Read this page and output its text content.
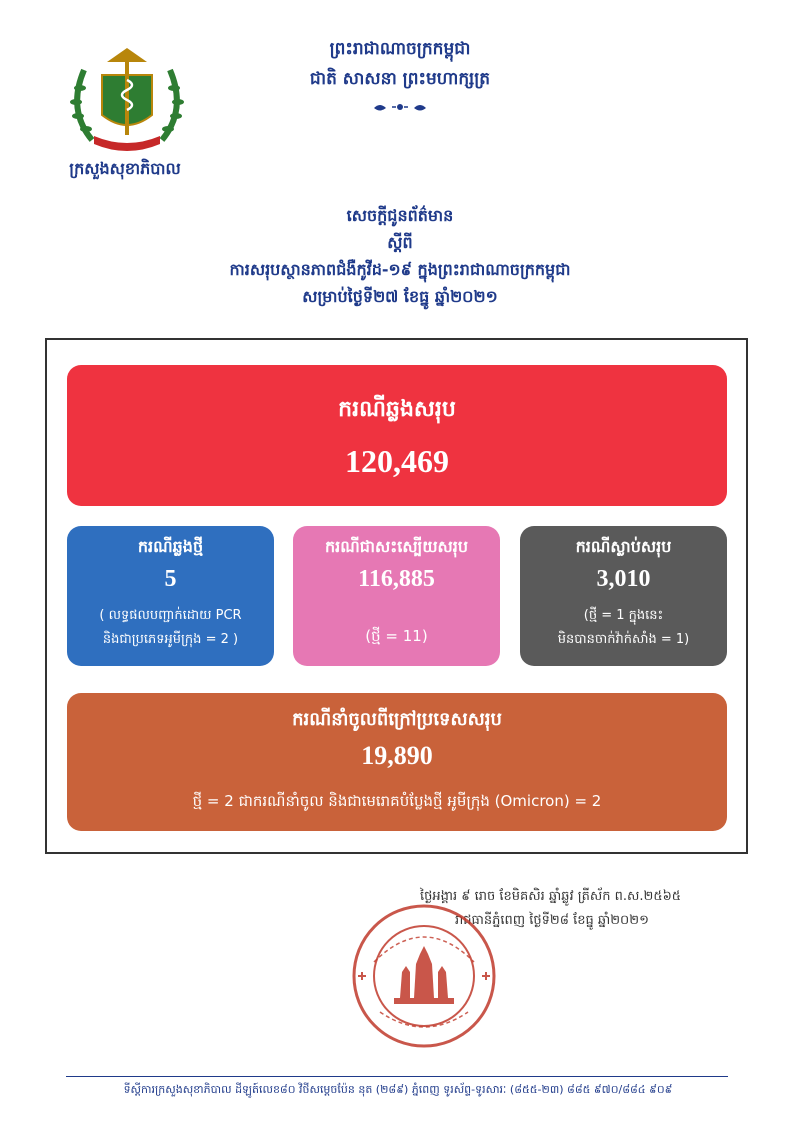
ព្រះរាជាណាចក្រកម្ពុជា
ជាតិ សាសនា ព្រះមហាក្សត្រ
ក្រសួងសុខាភិបាល
សេចក្តីជូនព័ត៌មាន
ស្តីពី
ការសរុបស្ថានភាពជំងឺកូវីដ-១៩ ក្នុងព្រះរាជាណាចក្រកម្ពុជា
សម្រាប់ថ្ងៃទី២៧ ខែធ្នូ ឆ្នាំ២០២១
ករណីឆ្លងសរុប
120,469
ករណីឆ្លងថ្មី
5
( លទ្ធផលបញ្ជាក់ដោយ PCR
និងជាប្រភេទអូមីក្រុង = 2 )
ករណីជាសះស្បើយសរុប
116,885
(ថ្មី = 11)
ករណីស្លាប់សរុប
3,010
(ថ្មី = 1 ក្នុងនេះ
មិនបានចាក់វ៉ាក់សាំង = 1)
ករណីនាំចូលពីក្រៅប្រទេសសរុប
19,890
ថ្មី = 2 ជាករណីនាំចូល និងជាមេរោគបំប្លែងថ្មី អូមីក្រុង (Omicron) = 2
ថ្ងៃអង្គារ ៩ រោច ខែមិគសិរ ឆ្នាំឆ្លូវ ត្រីស័ក ព.ស.២៥៦៥
រាជធានីភ្នំពេញ ថ្ងៃទី២៨ ខែធ្នូ ឆ្នាំ២០២១
ទីស្តីការក្រសួងសុខាភិបាល ដីឡូត៍លេខ៨០ វិថីសម្តេចប៉ែន នុត (២៨៩) ភ្នំពេញ ទូរស័ព្ទ-ទូរសារៈ (៨៥៥-២៣) ៨៨៥ ៩៧០/៨៨៤ ៩០៩
